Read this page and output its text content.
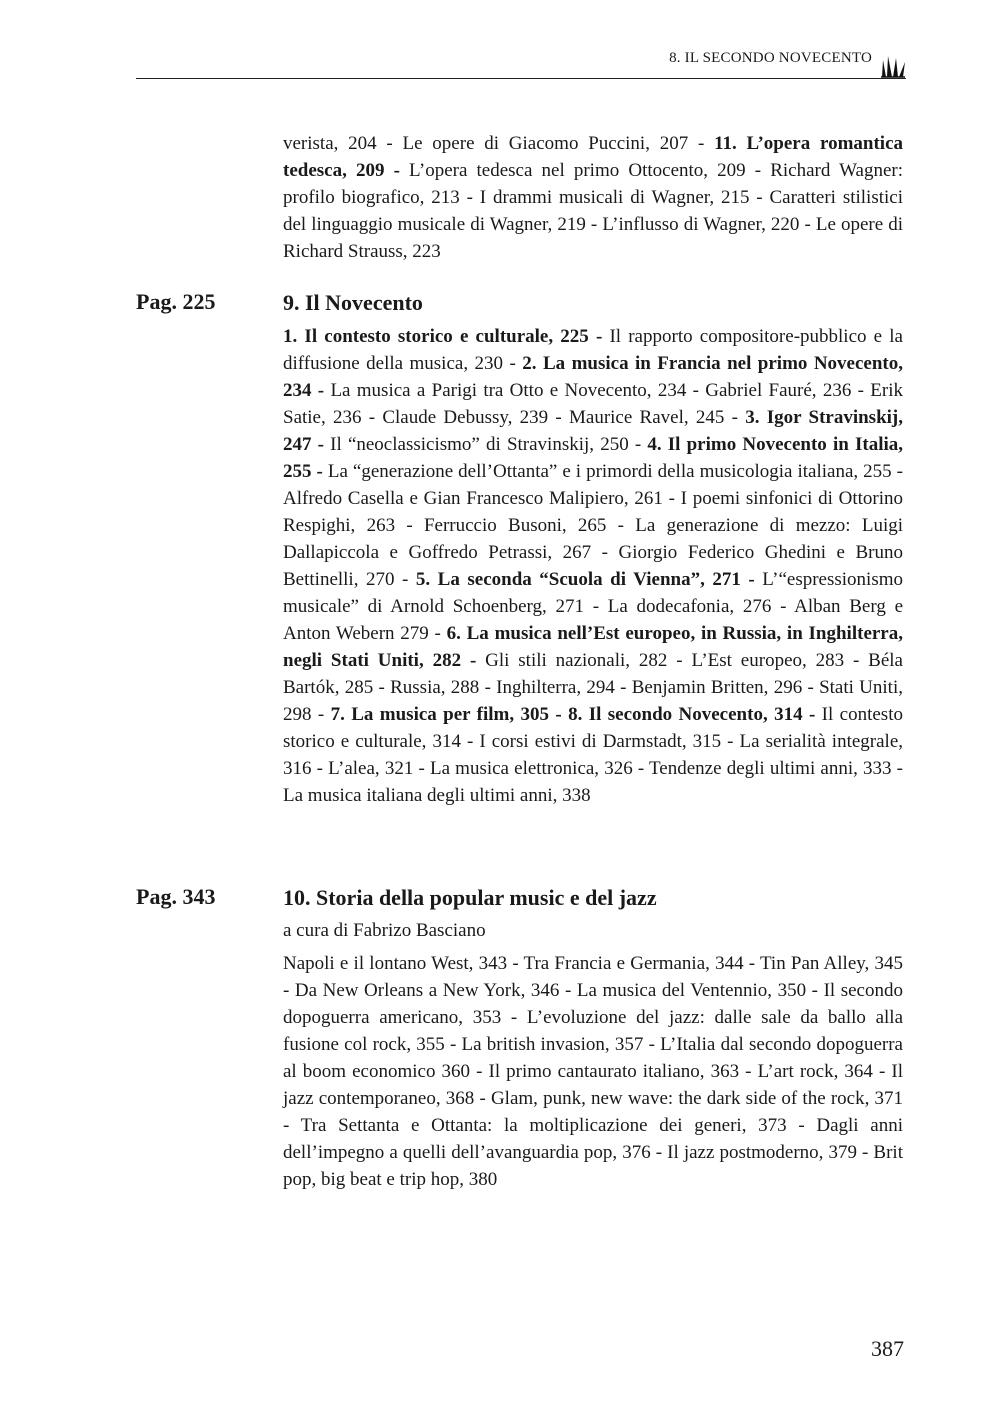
8. IL SECONDO NOVECENTO

verista, 204 - Le opere di Giacomo Puccini, 207 - 11. L’opera romantica tedesca, 209 - L’opera tedesca nel primo Ottocento, 209 - Richard Wagner: profilo biografico, 213 - I drammi musicali di Wagner, 215 - Caratteri stilistici del linguaggio musicale di Wagner, 219 - L’influsso di Wagner, 220 - Le opere di Richard Strauss, 223

Pag. 225	9. Il Novecento

1. Il contesto storico e culturale, 225 - Il rapporto compositore-pubblico e la diffusione della musica, 230 - 2. La musica in Francia nel primo Novecento, 234 - La musica a Parigi tra Otto e Novecento, 234 - Gabriel Fauré, 236 - Erik Satie, 236 - Claude Debussy, 239 - Maurice Ravel, 245 - 3. Igor Stravinskij, 247 - Il “neoclassicismo” di Stravinskij, 250 - 4. Il primo Novecento in Italia, 255 - La “generazione dell’Ottanta” e i primordi della musicologia italiana, 255 - Alfredo Casella e Gian Francesco Malipiero, 261 - I poemi sinfonici di Ottorino Respighi, 263 - Ferruccio Busoni, 265 - La generazione di mezzo: Luigi Dallapiccola e Goffredo Petrassi, 267 - Giorgio Federico Ghedini e Bruno Bettinelli, 270 - 5. La seconda “Scuola di Vienna”, 271 - L’“espressionismo musicale” di Arnold Schoenberg, 271 - La dodecafonia, 276 - Alban Berg e Anton Webern 279 - 6. La musica nell’Est europeo, in Russia, in Inghilterra, negli Stati Uniti, 282 - Gli stili nazionali, 282 - L’Est europeo, 283 - Béla Bartók, 285 - Russia, 288 - Inghilterra, 294 - Benjamin Britten, 296 - Stati Uniti, 298 - 7. La musica per film, 305 - 8. Il secondo Novecento, 314 - Il contesto storico e culturale, 314 - I corsi estivi di Darmstadt, 315 - La serialità integrale, 316 - L’alea, 321 - La musica elettronica, 326 - Tendenze degli ultimi anni, 333 - La musica italiana degli ultimi anni, 338

Pag. 343	10. Storia della popular music e del jazz
a cura di Fabrizo Basciano

Napoli e il lontano West, 343 - Tra Francia e Germania, 344 - Tin Pan Alley, 345 - Da New Orleans a New York, 346 - La musica del Ventennio, 350 - Il secondo dopoguerra americano, 353 - L’evoluzione del jazz: dalle sale da ballo alla fusione col rock, 355 - La british invasion, 357 - L’Italia dal secondo dopoguerra al boom economico 360 - Il primo cantaurato italiano, 363 - L’art rock, 364 - Il jazz contemporaneo, 368 - Glam, punk, new wave: the dark side of the rock, 371 - Tra Settanta e Ottanta: la moltiplicazione dei generi, 373 - Dagli anni dell’impegno a quelli dell’avanguardia pop, 376 - Il jazz postmoderno, 379 - Brit pop, big beat e trip hop, 380

387
